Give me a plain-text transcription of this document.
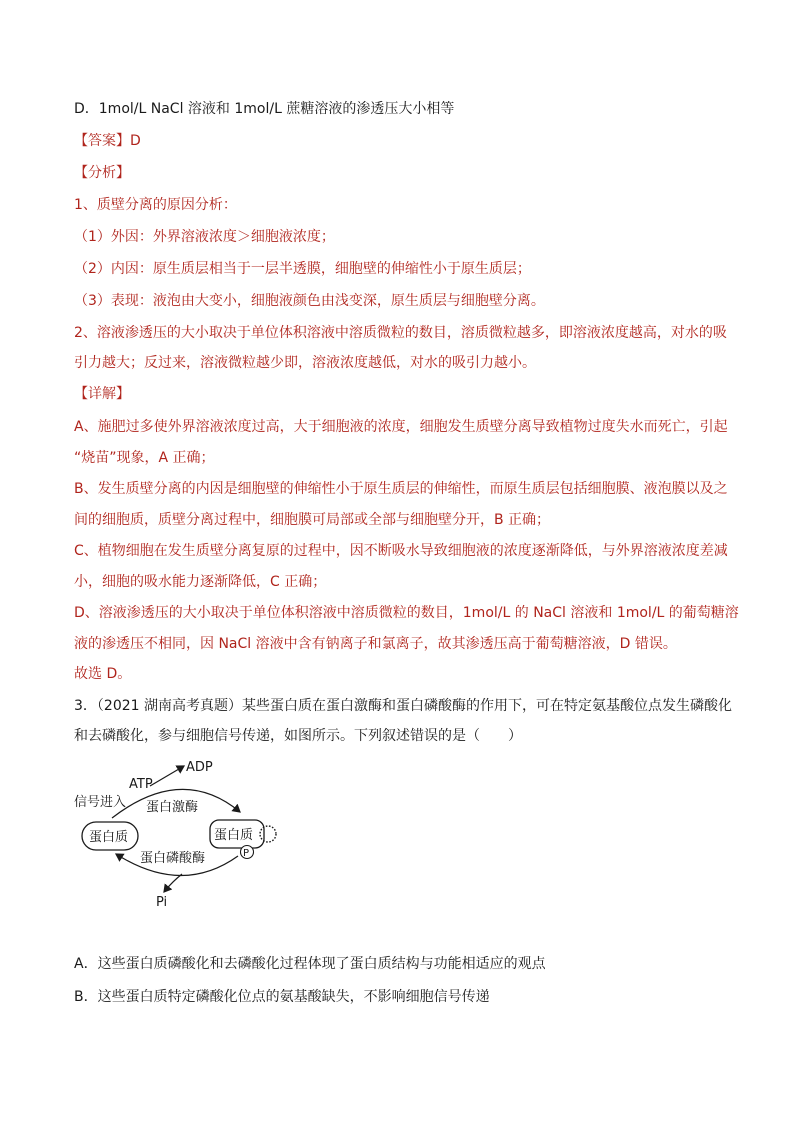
D．1mol/L NaCl 溶液和 1mol/L 蔗糖溶液的渗透压大小相等
【答案】D
【分析】
1、质壁分离的原因分析：
（1）外因：外界溶液浓度＞细胞液浓度；
（2）内因：原生质层相当于一层半透膜，细胞壁的伸缩性小于原生质层；
（3）表现：液泡由大变小，细胞液颜色由浅变深，原生质层与细胞壁分离。
2、溶液渗透压的大小取决于单位体积溶液中溶质微粒的数目，溶质微粒越多，即溶液浓度越高，对水的吸
引力越大；反过来，溶液微粒越少即，溶液浓度越低，对水的吸引力越小。
【详解】
A、施肥过多使外界溶液浓度过高，大于细胞液的浓度，细胞发生质壁分离导致植物过度失水而死亡，引起
“烧苗”现象，A 正确；
B、发生质壁分离的内因是细胞壁的伸缩性小于原生质层的伸缩性，而原生质层包括细胞膜、液泡膜以及之
间的细胞质，质壁分离过程中，细胞膜可局部或全部与细胞壁分开，B 正确；
C、植物细胞在发生质壁分离复原的过程中，因不断吸水导致细胞液的浓度逐渐降低，与外界溶液浓度差减
小，细胞的吸水能力逐渐降低，C 正确；
D、溶液渗透压的大小取决于单位体积溶液中溶质微粒的数目，1mol/L 的 NaCl 溶液和 1mol/L 的葡萄糖溶
液的渗透压不相同，因 NaCl 溶液中含有钠离子和氯离子，故其渗透压高于葡萄糖溶液，D 错误。
故选 D。
3．（2021 湖南高考真题）某些蛋白质在蛋白激酶和蛋白磷酸酶的作用下，可在特定氨基酸位点发生磷酸化
和去磷酸化，参与细胞信号传递，如图所示。下列叙述错误的是（　　）
ATP
ADP
信号进入 蛋白激酶
蛋白质	蛋白质
P
蛋白磷酸酶
Pi
A．这些蛋白质磷酸化和去磷酸化过程体现了蛋白质结构与功能相适应的观点
B．这些蛋白质特定磷酸化位点的氨基酸缺失，不影响细胞信号传递
